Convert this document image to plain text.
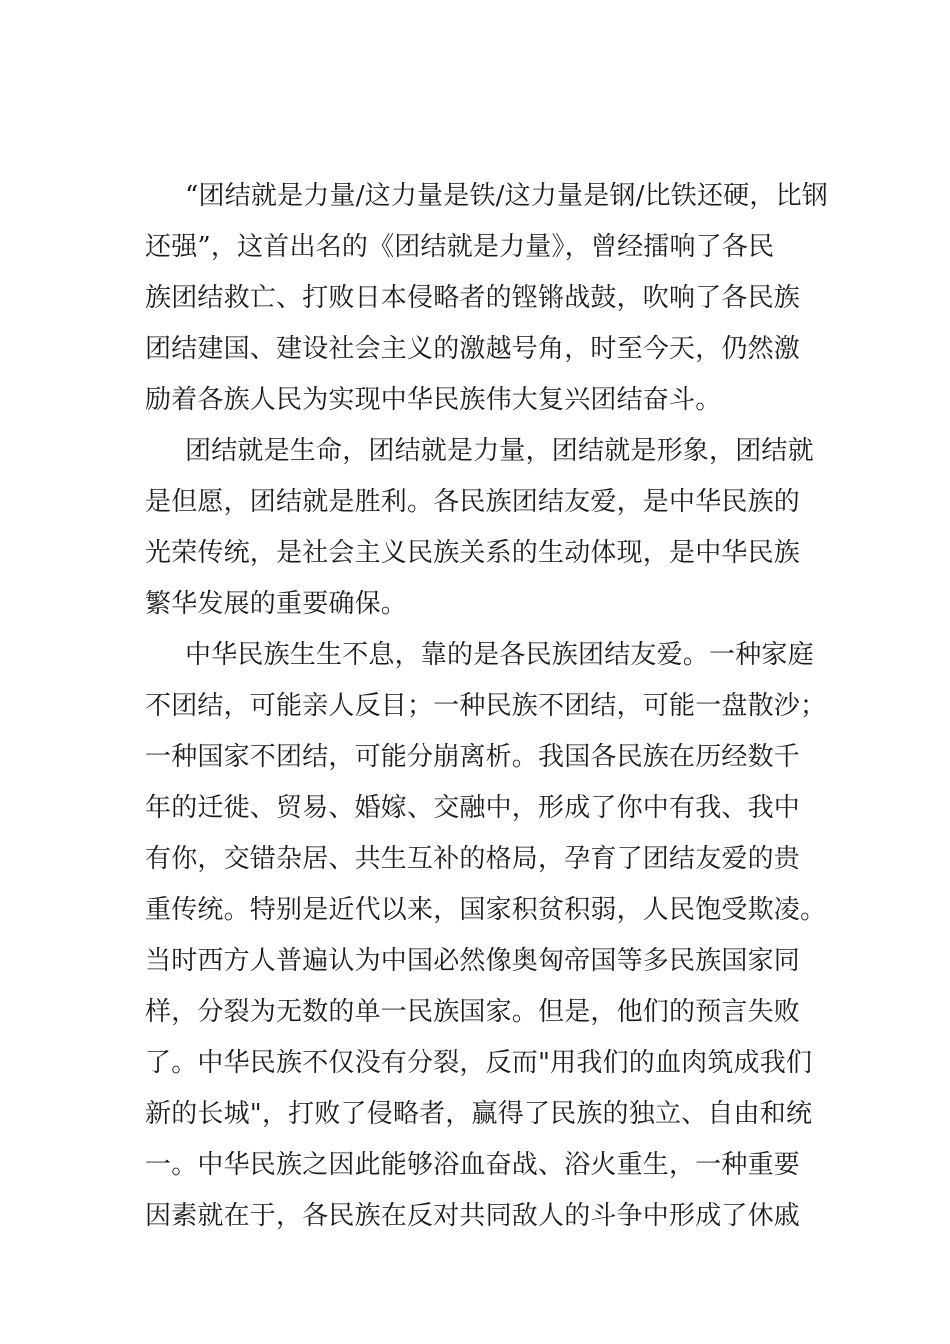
“团结就是力量/这力量是铁/这力量是钢/比铁还硬，比钢
还强”，这首出名的《团结就是力量》，曾经擂响了各民
族团结救亡、打败日本侵略者的铿锵战鼓，吹响了各民族
团结建国、建设社会主义的激越号角，时至今天，仍然激
励着各族人民为实现中华民族伟大复兴团结奋斗。
团结就是生命，团结就是力量，团结就是形象，团结就
是但愿，团结就是胜利。各民族团结友爱，是中华民族的
光荣传统，是社会主义民族关系的生动体现，是中华民族
繁华发展的重要确保。
中华民族生生不息，靠的是各民族团结友爱。一种家庭
不团结，可能亲人反目；一种民族不团结，可能一盘散沙；
一种国家不团结，可能分崩离析。我国各民族在历经数千
年的迁徙、贸易、婚嫁、交融中，形成了你中有我、我中
有你，交错杂居、共生互补的格局，孕育了团结友爱的贵
重传统。特别是近代以来，国家积贫积弱，人民饱受欺凌。
当时西方人普遍认为中国必然像奥匈帝国等多民族国家同
样，分裂为无数的单一民族国家。但是，他们的预言失败
了。中华民族不仅没有分裂，反而"用我们的血肉筑成我们
新的长城"，打败了侵略者，赢得了民族的独立、自由和统
一。中华民族之因此能够浴血奋战、浴火重生，一种重要
因素就在于，各民族在反对共同敌人的斗争中形成了休戚
